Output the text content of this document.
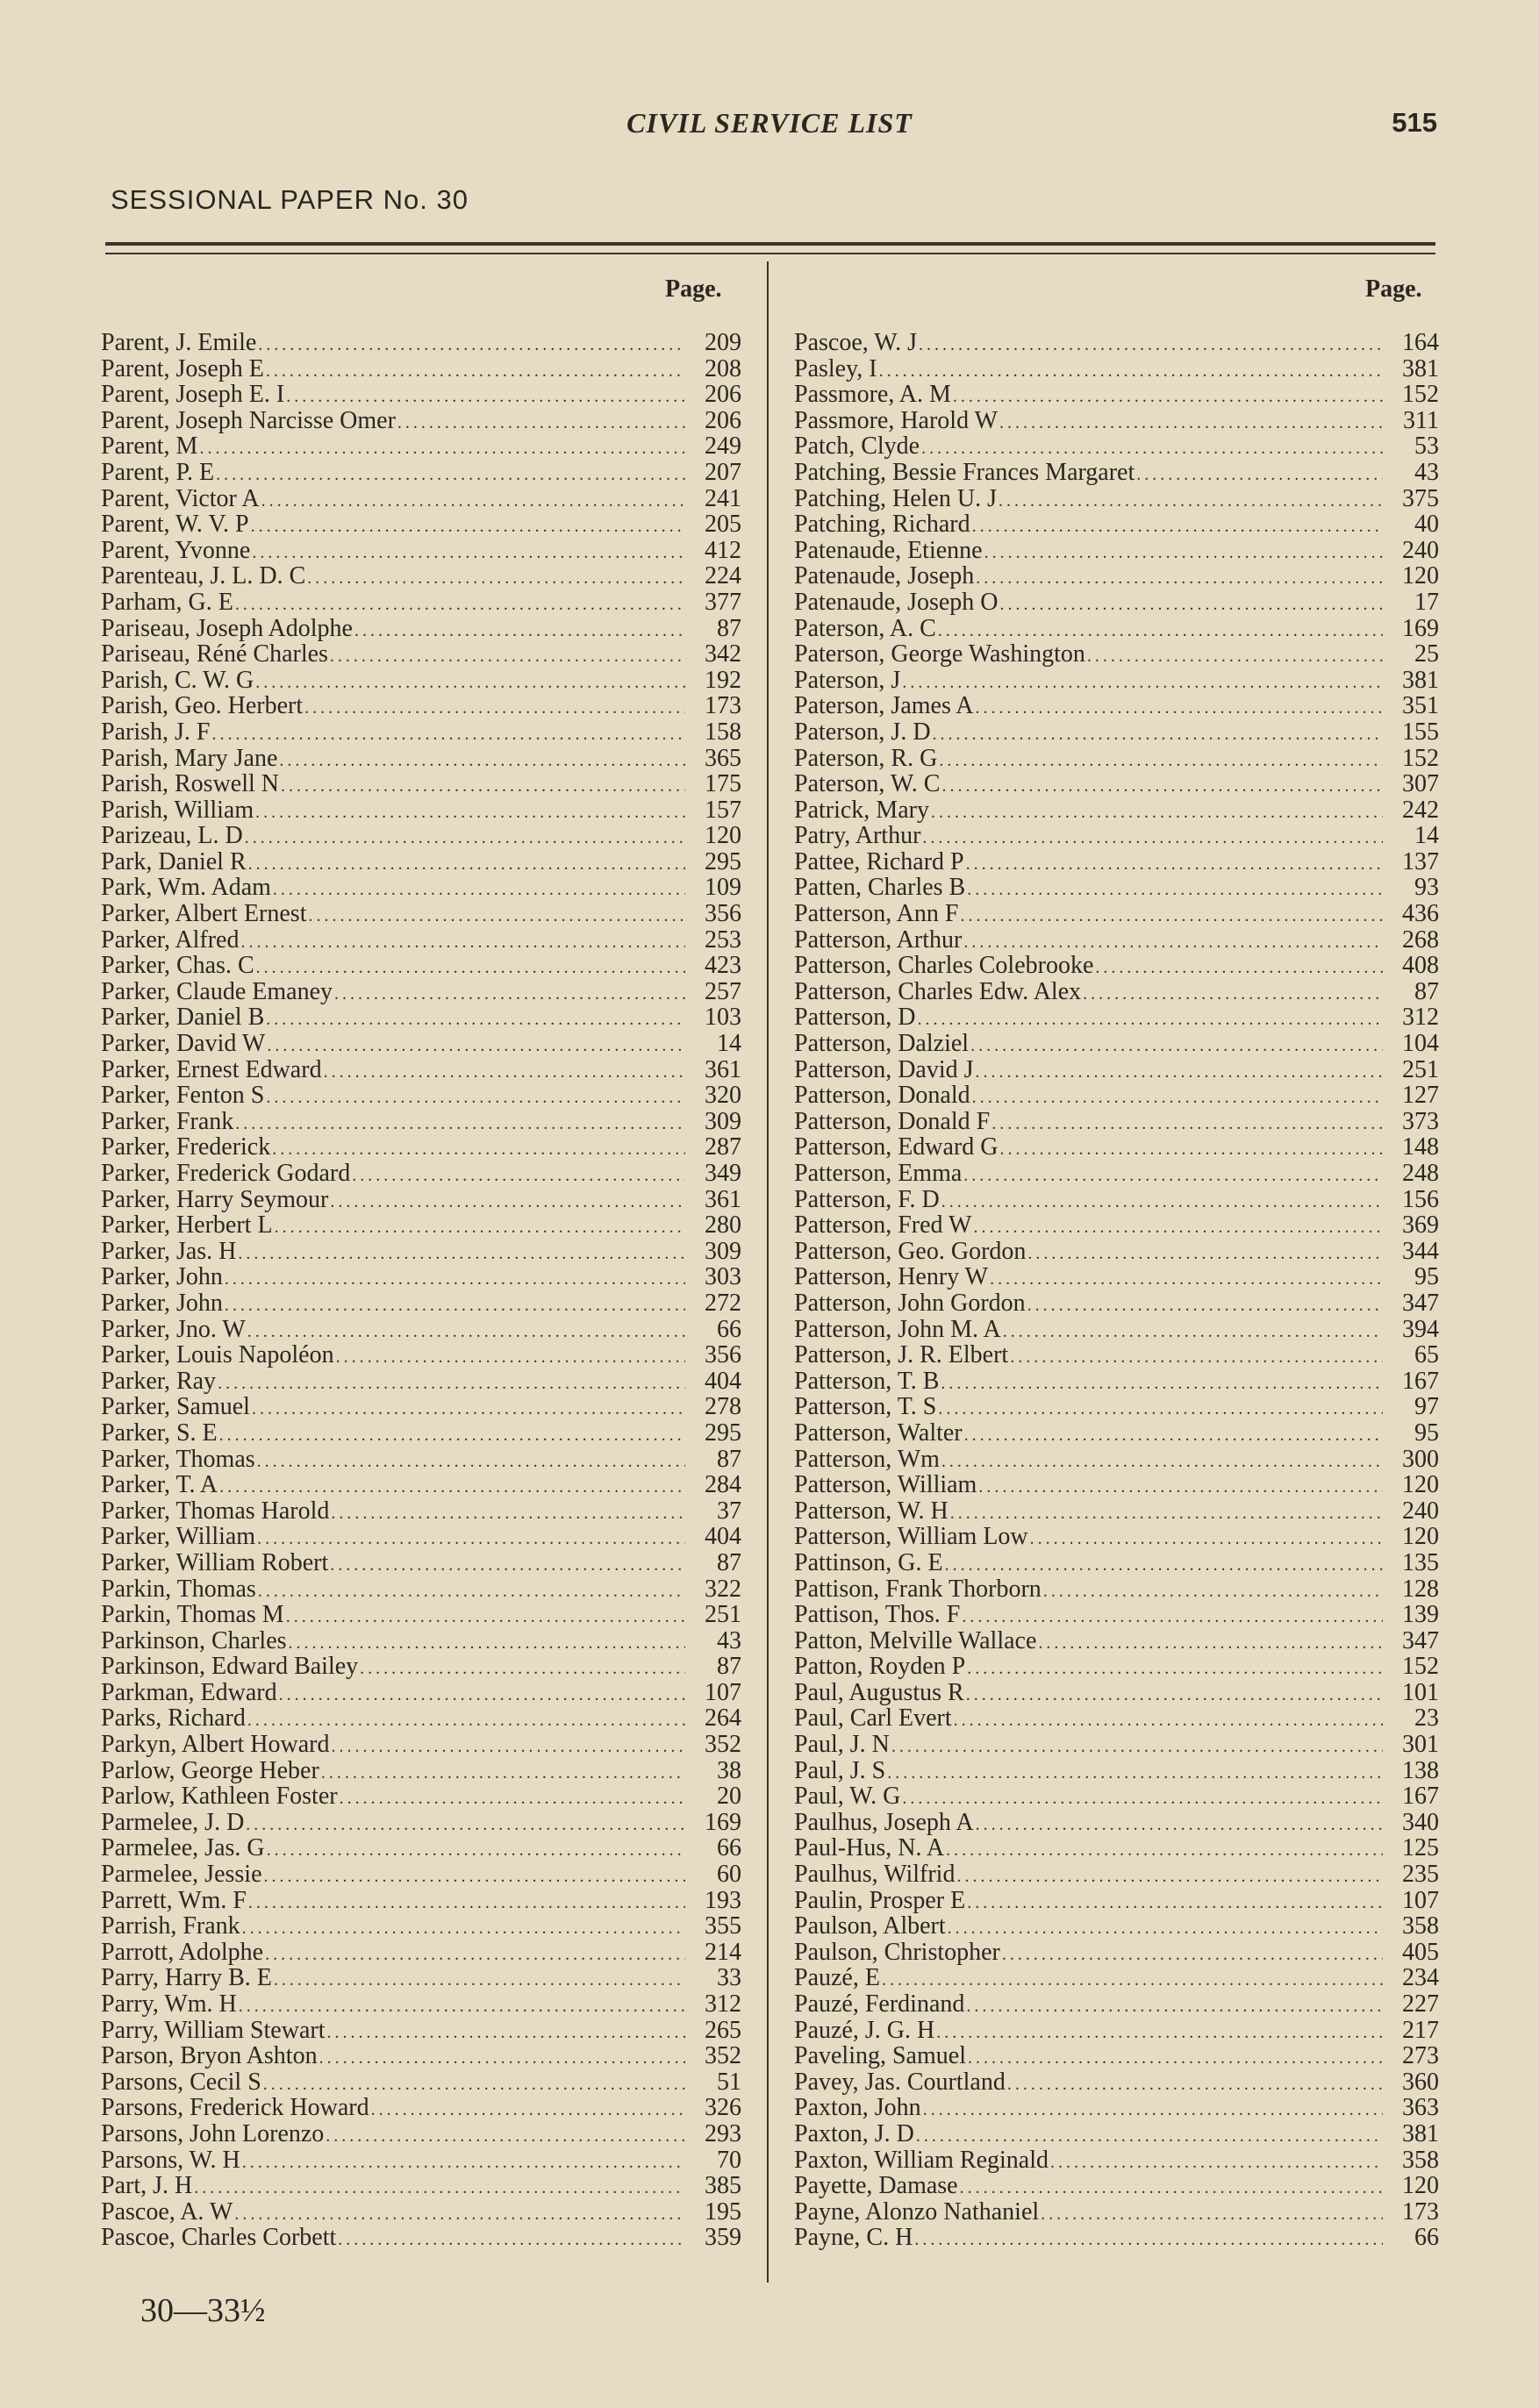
CIVIL SERVICE LIST	515
SESSIONAL PAPER No. 30
Page.	Page.
Parent, J. Emile .....	209
Parent, Joseph E .....	208
Parent, Joseph E. I .....	206
Parent, Joseph Narcisse Omer .....	206
Parent, M .....	249
Parent, P. E .....	207
Parent, Victor A .....	241
Parent, W. V. P .....	205
Parent, Yvonne .....	412
Parenteau, J. L. D. C .....	224
Parham, G. E .....	377
Pariseau, Joseph Adolphe .....	87
Pariseau, Réné Charles .....	342
Parish, C. W. G .....	192
Parish, Geo. Herbert .....	173
Parish, J. F .....	158
Parish, Mary Jane .....	365
Parish, Roswell N .....	175
Parish, William .....	157
Parizeau, L. D .....	120
Park, Daniel R .....	295
Park, Wm. Adam .....	109
Parker, Albert Ernest .....	356
Parker, Alfred .....	253
Parker, Chas. C .....	423
Parker, Claude Emaney .....	257
Parker, Daniel B .....	103
Parker, David W .....	14
Parker, Ernest Edward .....	361
Parker, Fenton S .....	320
Parker, Frank .....	309
Parker, Frederick .....	287
Parker, Frederick Godard .....	349
Parker, Harry Seymour .....	361
Parker, Herbert L .....	280
Parker, Jas. H .....	309
Parker, John .....	303
Parker, John .....	272
Parker, Jno. W .....	66
Parker, Louis Napoléon .....	356
Parker, Ray .....	404
Parker, Samuel .....	278
Parker, S. E .....	295
Parker, Thomas .....	87
Parker, T. A .....	284
Parker, Thomas Harold .....	37
Parker, William .....	404
Parker, William Robert .....	87
Parkin, Thomas .....	322
Parkin, Thomas M .....	251
Parkinson, Charles .....	43
Parkinson, Edward Bailey .....	87
Parkman, Edward .....	107
Parks, Richard .....	264
Parkyn, Albert Howard .....	352
Parlow, George Heber .....	38
Parlow, Kathleen Foster .....	20
Parmelee, J. D .....	169
Parmelee, Jas. G .....	66
Parmelee, Jessie .....	60
Parrett, Wm. F .....	193
Parrish, Frank .....	355
Parrott, Adolphe .....	214
Parry, Harry B. E .....	33
Parry, Wm. H .....	312
Parry, William Stewart .....	265
Parson, Bryon Ashton .....	352
Parsons, Cecil S .....	51
Parsons, Frederick Howard .....	326
Parsons, John Lorenzo .....	293
Parsons, W. H .....	70
Part, J. H .....	385
Pascoe, A. W .....	195
Pascoe, Charles Corbett .....	359
Pascoe, W. J .....	164
Pasley, I .....	381
Passmore, A. M .....	152
Passmore, Harold W .....	311
Patch, Clyde .....	53
Patching, Bessie Frances Margaret .....	43
Patching, Helen U. J .....	375
Patching, Richard .....	40
Patenaude, Etienne .....	240
Patenaude, Joseph .....	120
Patenaude, Joseph O .....	17
Paterson, A. C .....	169
Paterson, George Washington .....	25
Paterson, J .....	381
Paterson, James A .....	351
Paterson, J. D .....	155
Paterson, R. G .....	152
Paterson, W. C .....	307
Patrick, Mary .....	242
Patry, Arthur .....	14
Pattee, Richard P .....	137
Patten, Charles B .....	93
Patterson, Ann F .....	436
Patterson, Arthur .....	268
Patterson, Charles Colebrooke .....	408
Patterson, Charles Edw. Alex .....	87
Patterson, D .....	312
Patterson, Dalziel .....	104
Patterson, David J .....	251
Patterson, Donald .....	127
Patterson, Donald F .....	373
Patterson, Edward G .....	148
Patterson, Emma .....	248
Patterson, F. D .....	156
Patterson, Fred W .....	369
Patterson, Geo. Gordon .....	344
Patterson, Henry W .....	95
Patterson, John Gordon .....	347
Patterson, John M. A .....	394
Patterson, J. R. Elbert .....	65
Patterson, T. B .....	167
Patterson, T. S .....	97
Patterson, Walter .....	95
Patterson, Wm .....	300
Patterson, William .....	120
Patterson, W. H .....	240
Patterson, William Low .....	120
Pattinson, G. E .....	135
Pattison, Frank Thorborn .....	128
Pattison, Thos. F .....	139
Patton, Melville Wallace .....	347
Patton, Royden P .....	152
Paul, Augustus R .....	101
Paul, Carl Evert .....	23
Paul, J. N .....	301
Paul, J. S .....	138
Paul, W. G .....	167
Paulhus, Joseph A .....	340
Paul-Hus, N. A .....	125
Paulhus, Wilfrid .....	235
Paulin, Prosper E .....	107
Paulson, Albert .....	358
Paulson, Christopher .....	405
Pauzé, E .....	234
Pauzé, Ferdinand .....	227
Pauzé, J. G. H .....	217
Paveling, Samuel .....	273
Pavey, Jas. Courtland .....	360
Paxton, John .....	363
Paxton, J. D .....	381
Paxton, William Reginald .....	358
Payette, Damase .....	120
Payne, Alonzo Nathaniel .....	173
Payne, C. H .....	66
30—33½
